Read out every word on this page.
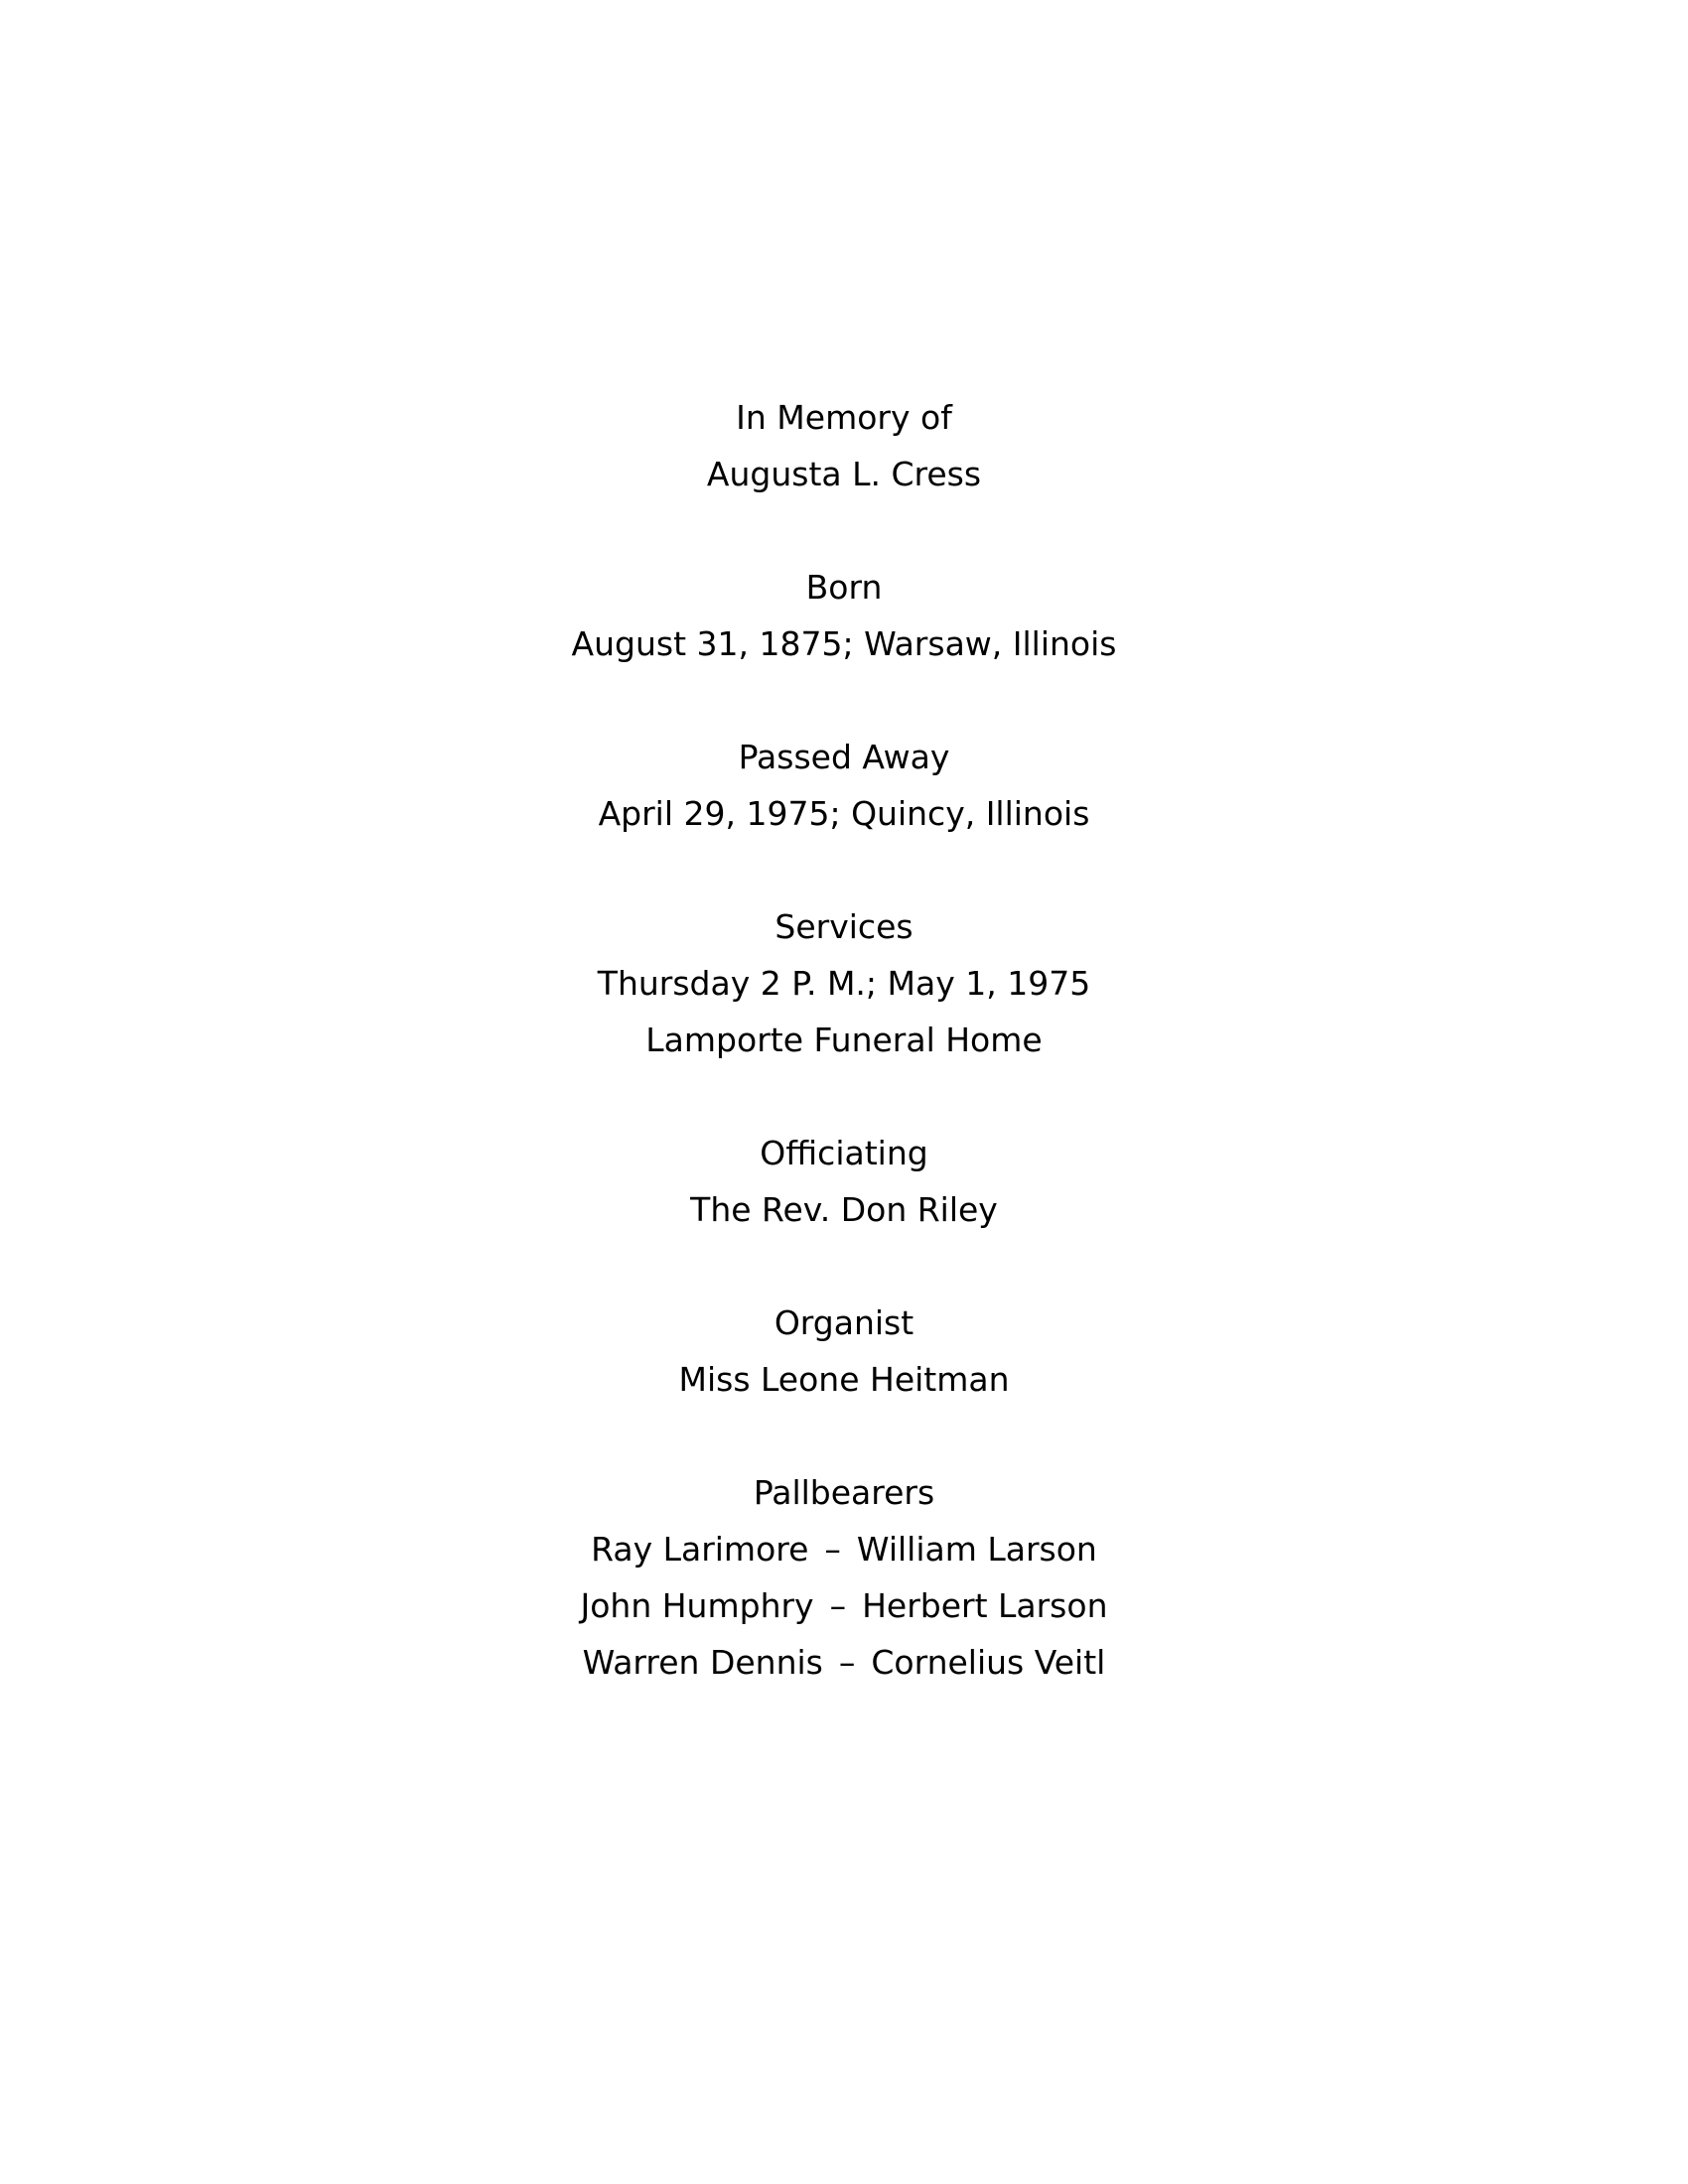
In Memory of
Augusta L. Cress
Born
August 31, 1875; Warsaw, Illinois
Passed Away
April 29, 1975; Quincy, Illinois
Services
Thursday 2 P. M.; May 1, 1975
Lamporte Funeral Home
Officiating
The Rev. Don Riley
Organist
Miss Leone Heitman
Pallbearers
Ray Larimore – William Larson
John Humphry – Herbert Larson
Warren Dennis – Cornelius Veitl
